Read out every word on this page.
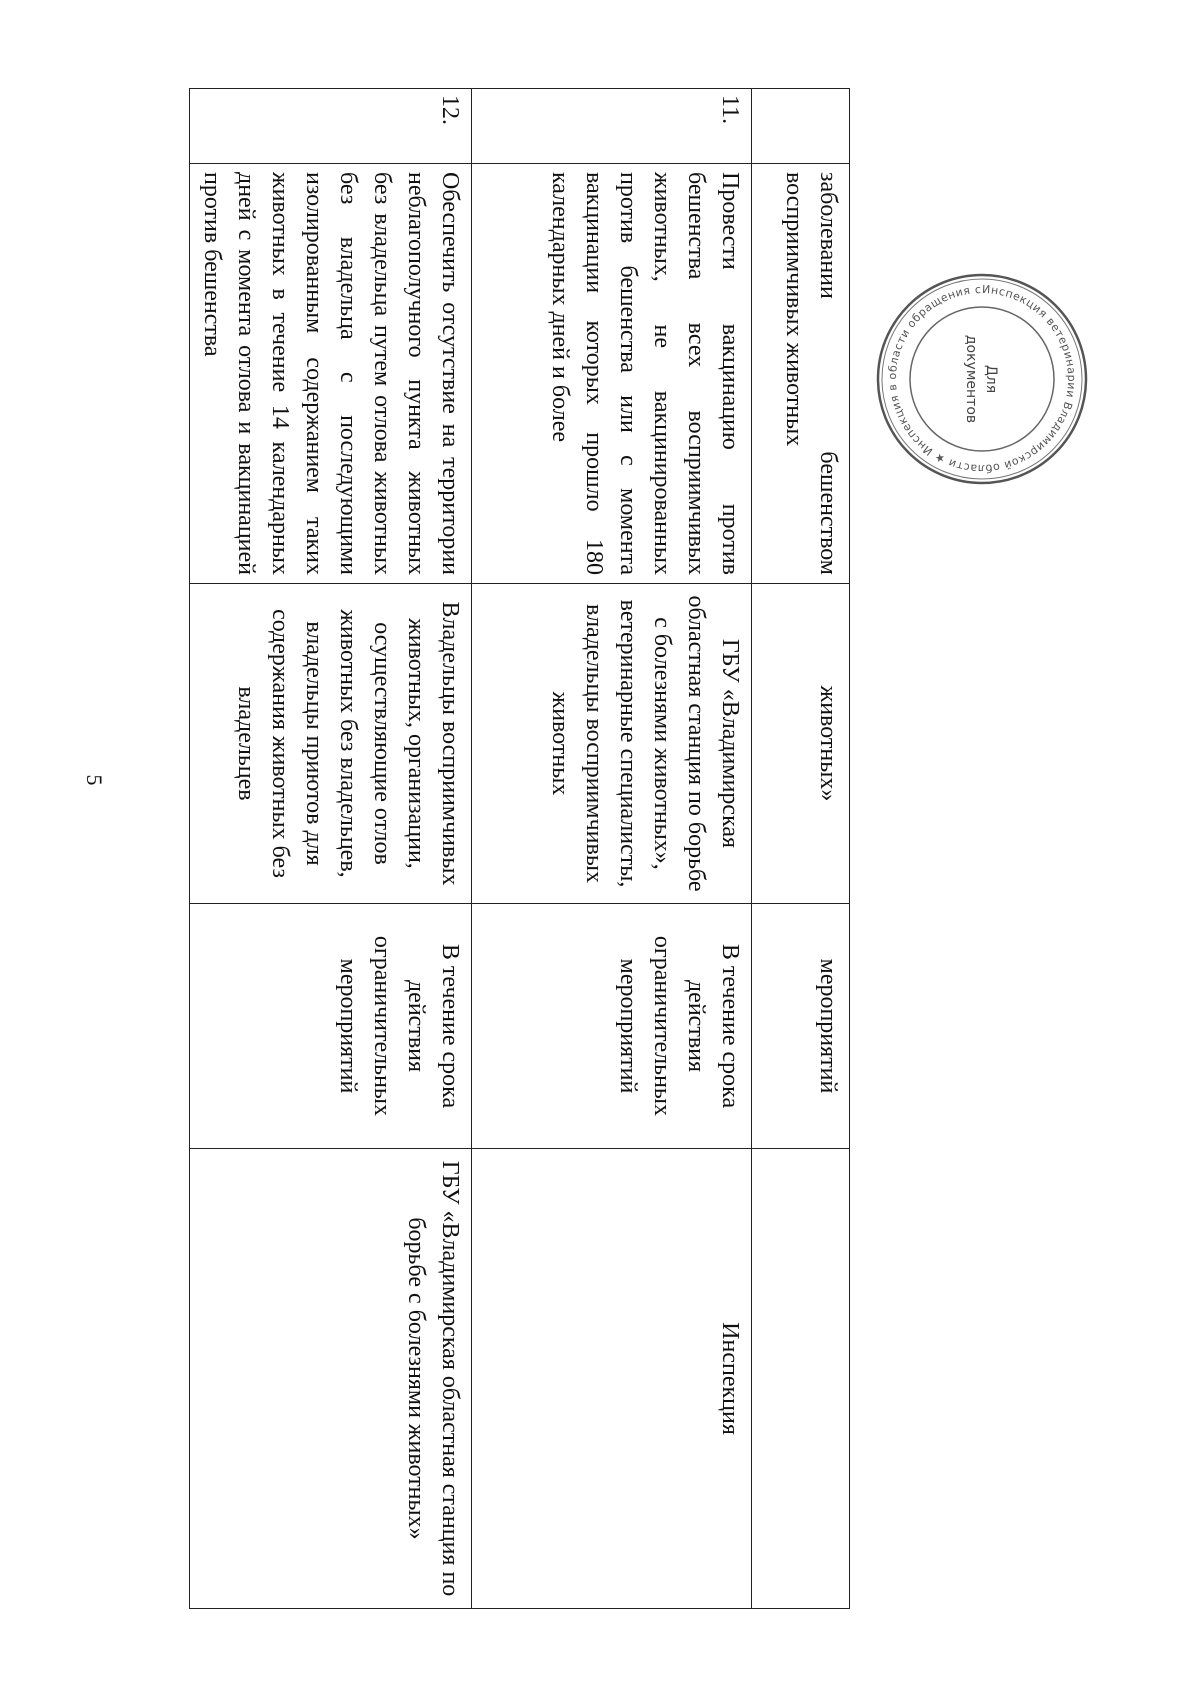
5
	заболевании бешенством восприимчивых животных	животных»	мероприятий	
11.	Провести вакцинацию против бешенства всех восприимчивых животных, не вакцинированных против бешенства или с момента вакцинации которых прошло 180 календарных дней и более	ГБУ «Владимирская областная станция по борьбе с болезнями животных», ветеринарные специалисты, владельцы восприимчивых животных	В течение срока действия ограничительных мероприятий	Инспекция
12.	Обеспечить отсутствие на территории неблагополучного пункта животных без владельца путем отлова животных без владельца с последующими изолированным содержанием таких животных в течение 14 календарных дней с момента отлова и вакцинацией против бешенства	Владельцы восприимчивых животных, организации, осуществляющие отлов животных без владельцев, владельцы приютов для содержания животных без владельцев	В течение срока действия ограничительных мероприятий	ГБУ «Владимирская областная станция по борьбе с болезнями животных»
Инспекция ветеринарии Владимирской области ★ Инспекция в области обращения с
Для
документов
